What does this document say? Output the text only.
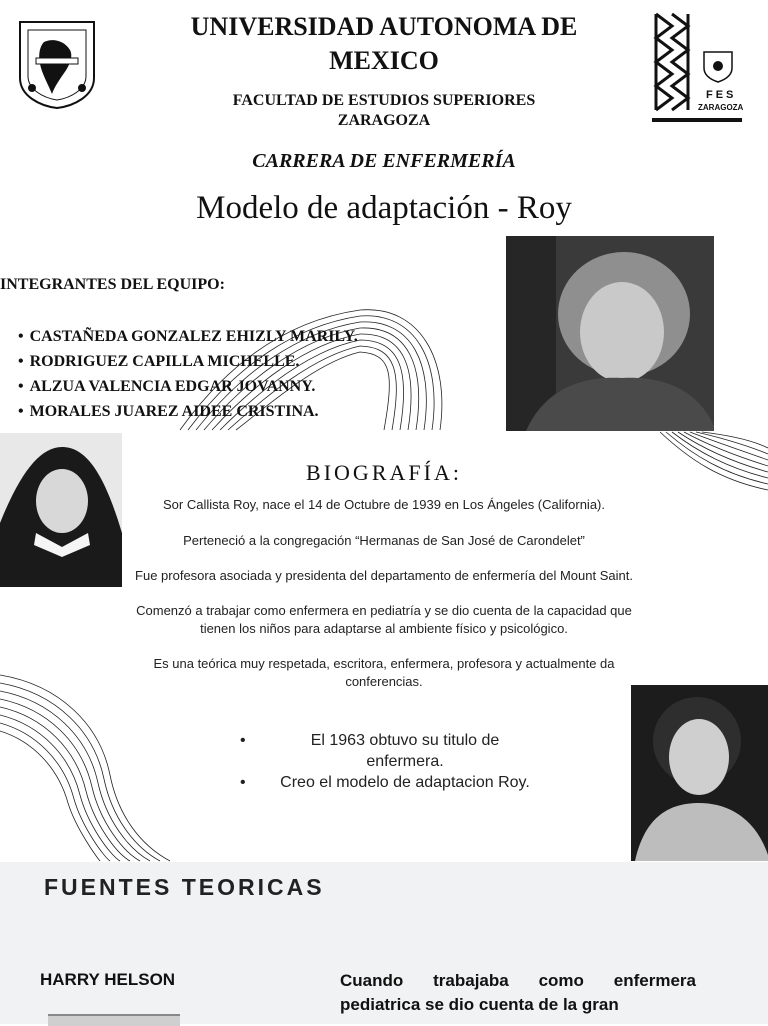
FES
ZARAGOZA
UNIVERSIDAD AUTONOMA DE MEXICO
FACULTAD DE ESTUDIOS SUPERIORES ZARAGOZA
CARRERA DE ENFERMERÍA
Modelo de adaptación - Roy
INTEGRANTES DEL EQUIPO:
• CASTAÑEDA GONZALEZ EHIZLY MARILY.
• RODRIGUEZ CAPILLA MICHELLE.
• ALZUA VALENCIA EDGAR JOVANNY.
• MORALES JUAREZ AIDEE CRISTINA.
BIOGRAFÍA:
Sor Callista Roy, nace el 14 de Octubre de 1939 en Los Ángeles (California).
Perteneció a la congregación “Hermanas de San José de Carondelet”
Fue profesora asociada y presidenta del departamento de enfermería del Mount Saint.
Comenzó a trabajar como enfermera en pediatría y se dio cuenta de la capacidad que tienen los niños para adaptarse al ambiente físico y psicológico.
Es una teórica muy respetada, escritora, enfermera, profesora y actualmente da conferencias.
• El 1963 obtuvo su titulo de enfermera.
• Creo el modelo de adaptacion Roy.
FUENTES TEORICAS
HARRY HELSON	Cuando trabajaba como enfermera pediatrica se dio cuenta de la gran
